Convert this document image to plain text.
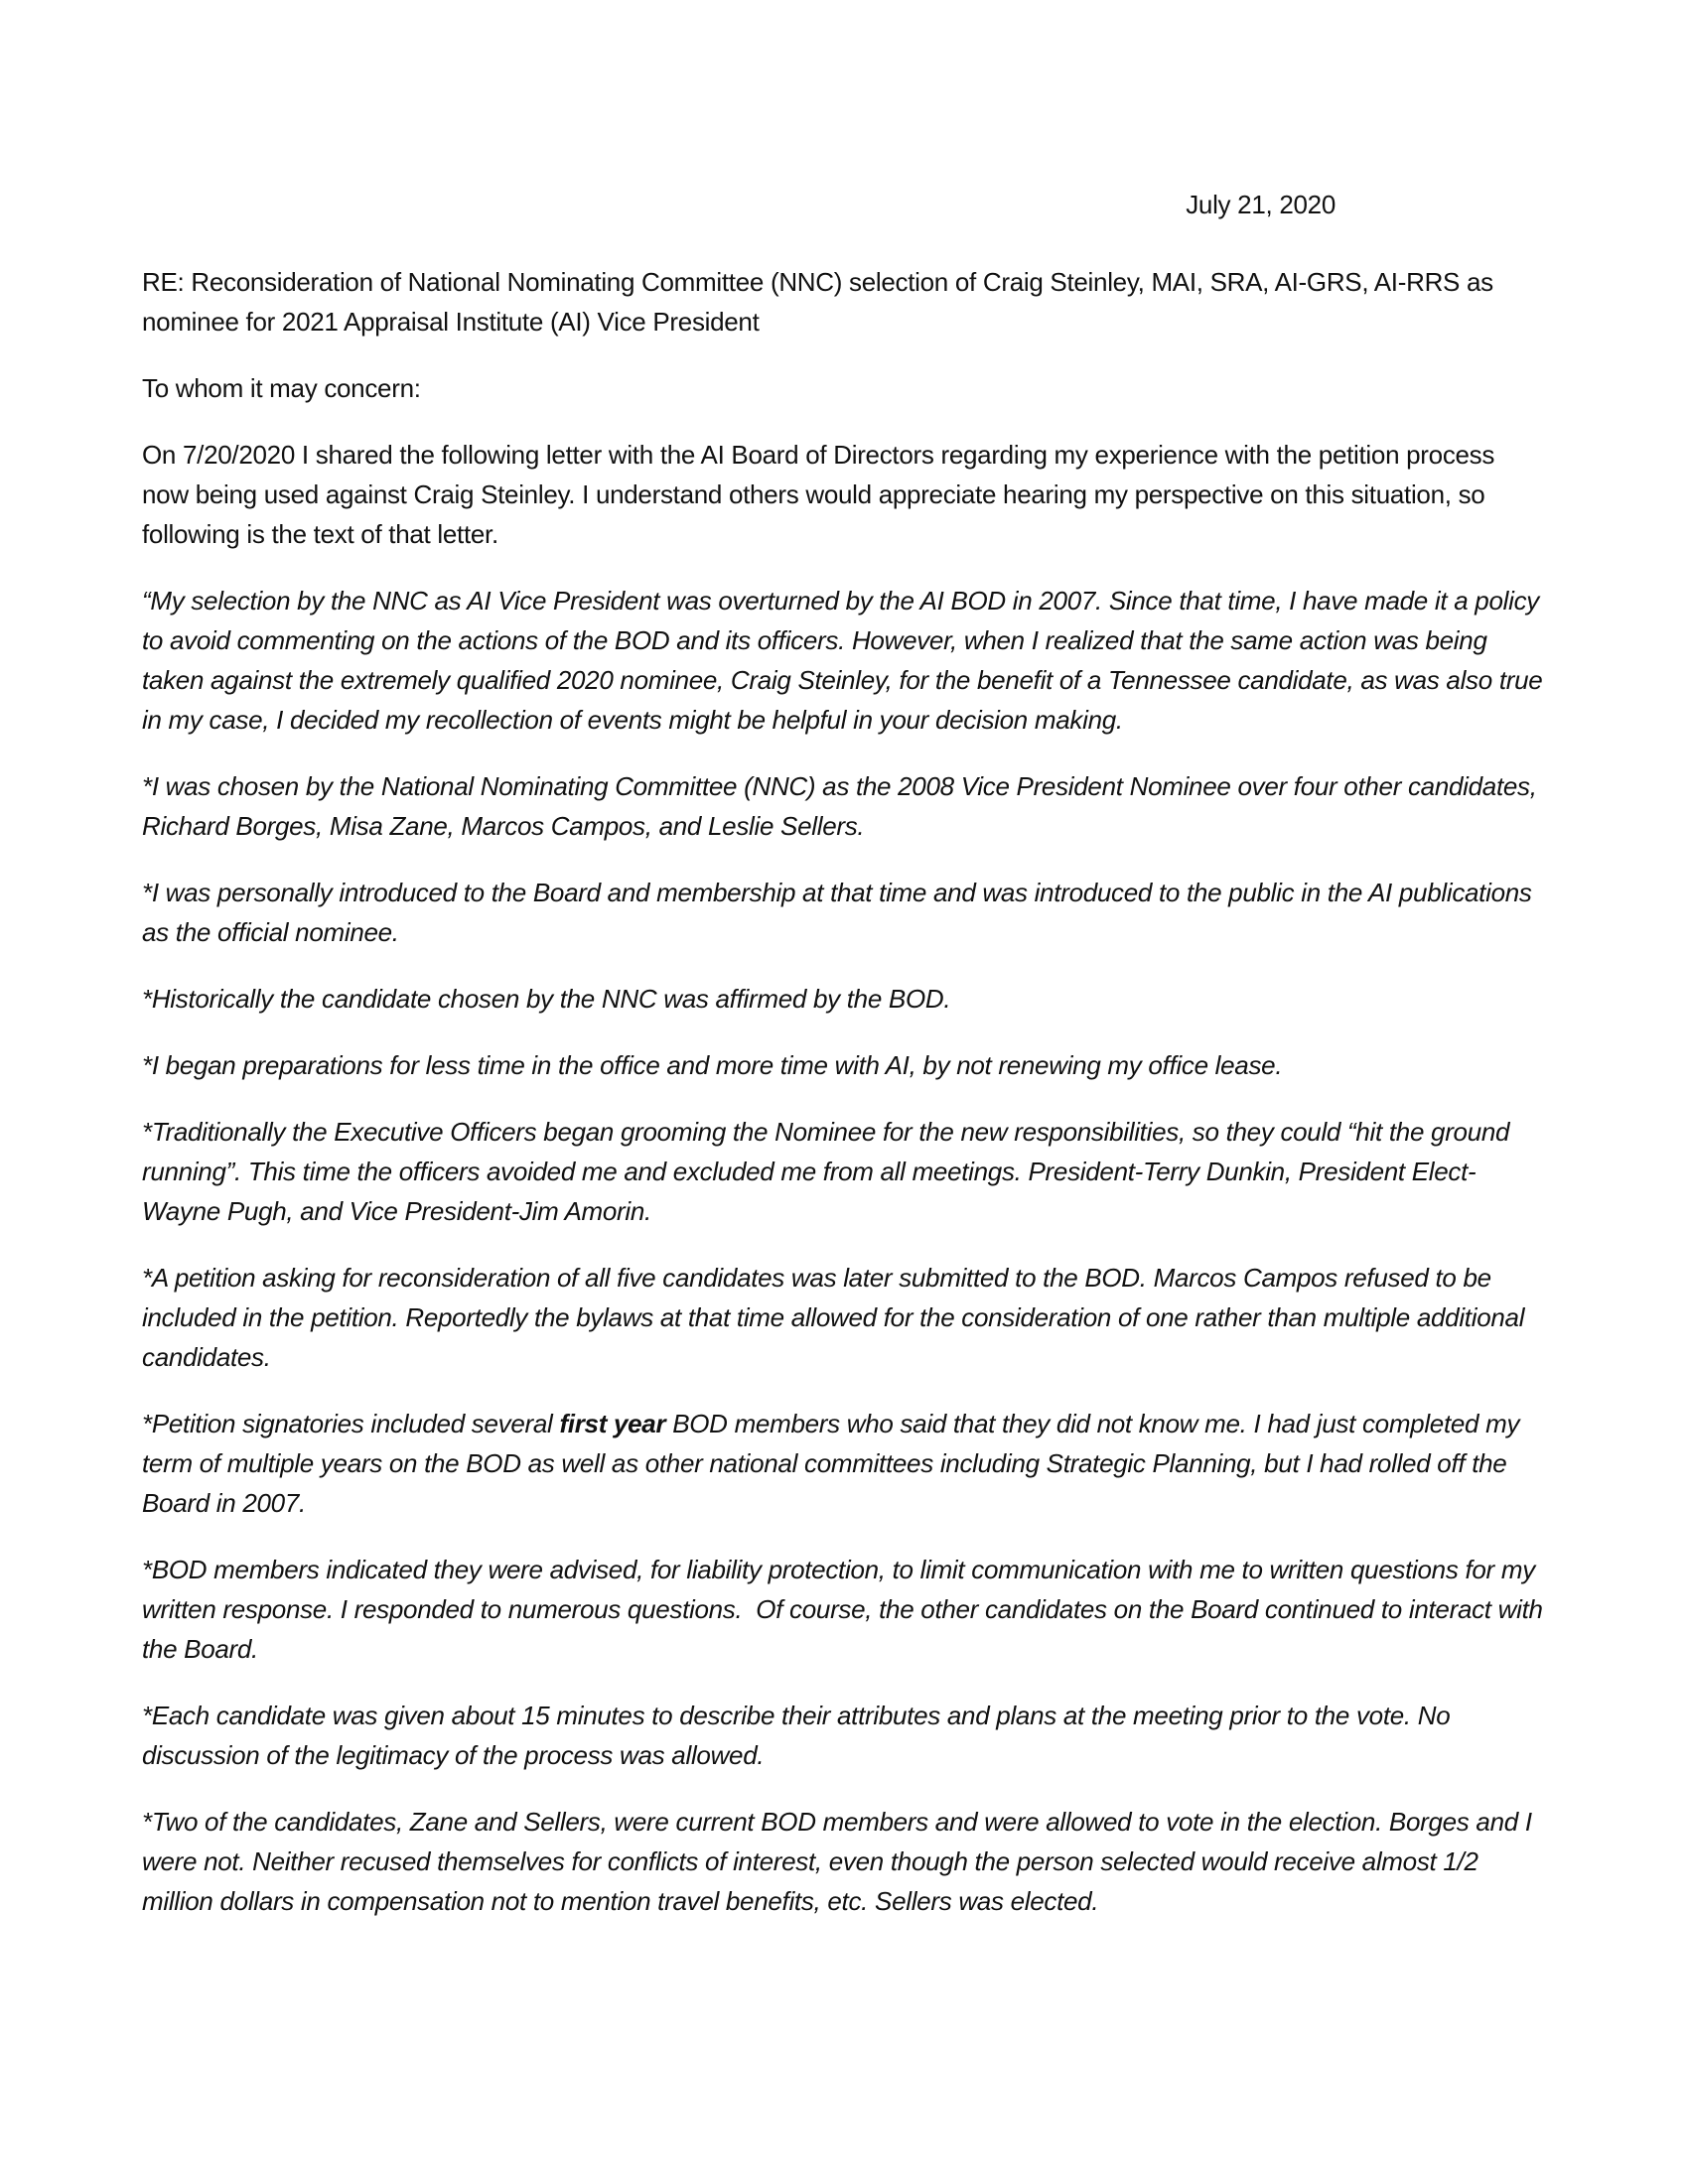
July 21, 2020

RE: Reconsideration of National Nominating Committee (NNC) selection of Craig Steinley, MAI, SRA, AI-GRS, AI-RRS as nominee for 2021 Appraisal Institute (AI) Vice President

To whom it may concern:

On 7/20/2020 I shared the following letter with the AI Board of Directors regarding my experience with the petition process now being used against Craig Steinley. I understand others would appreciate hearing my perspective on this situation, so following is the text of that letter.

“My selection by the NNC as AI Vice President was overturned by the AI BOD in 2007. Since that time, I have made it a policy to avoid commenting on the actions of the BOD and its officers. However, when I realized that the same action was being taken against the extremely qualified 2020 nominee, Craig Steinley, for the benefit of a Tennessee candidate, as was also true in my case, I decided my recollection of events might be helpful in your decision making.

*I was chosen by the National Nominating Committee (NNC) as the 2008 Vice President Nominee over four other candidates, Richard Borges, Misa Zane, Marcos Campos, and Leslie Sellers.

*I was personally introduced to the Board and membership at that time and was introduced to the public in the AI publications as the official nominee.

*Historically the candidate chosen by the NNC was affirmed by the BOD.

*I began preparations for less time in the office and more time with AI, by not renewing my office lease.

*Traditionally the Executive Officers began grooming the Nominee for the new responsibilities, so they could “hit the ground running”. This time the officers avoided me and excluded me from all meetings. President-Terry Dunkin, President Elect-Wayne Pugh, and Vice President-Jim Amorin.

*A petition asking for reconsideration of all five candidates was later submitted to the BOD. Marcos Campos refused to be included in the petition. Reportedly the bylaws at that time allowed for the consideration of one rather than multiple additional candidates.

*Petition signatories included several first year BOD members who said that they did not know me. I had just completed my term of multiple years on the BOD as well as other national committees including Strategic Planning, but I had rolled off the Board in 2007.

*BOD members indicated they were advised, for liability protection, to limit communication with me to written questions for my written response. I responded to numerous questions.  Of course, the other candidates on the Board continued to interact with the Board.

*Each candidate was given about 15 minutes to describe their attributes and plans at the meeting prior to the vote. No discussion of the legitimacy of the process was allowed.

*Two of the candidates, Zane and Sellers, were current BOD members and were allowed to vote in the election. Borges and I were not. Neither recused themselves for conflicts of interest, even though the person selected would receive almost 1/2 million dollars in compensation not to mention travel benefits, etc. Sellers was elected.
